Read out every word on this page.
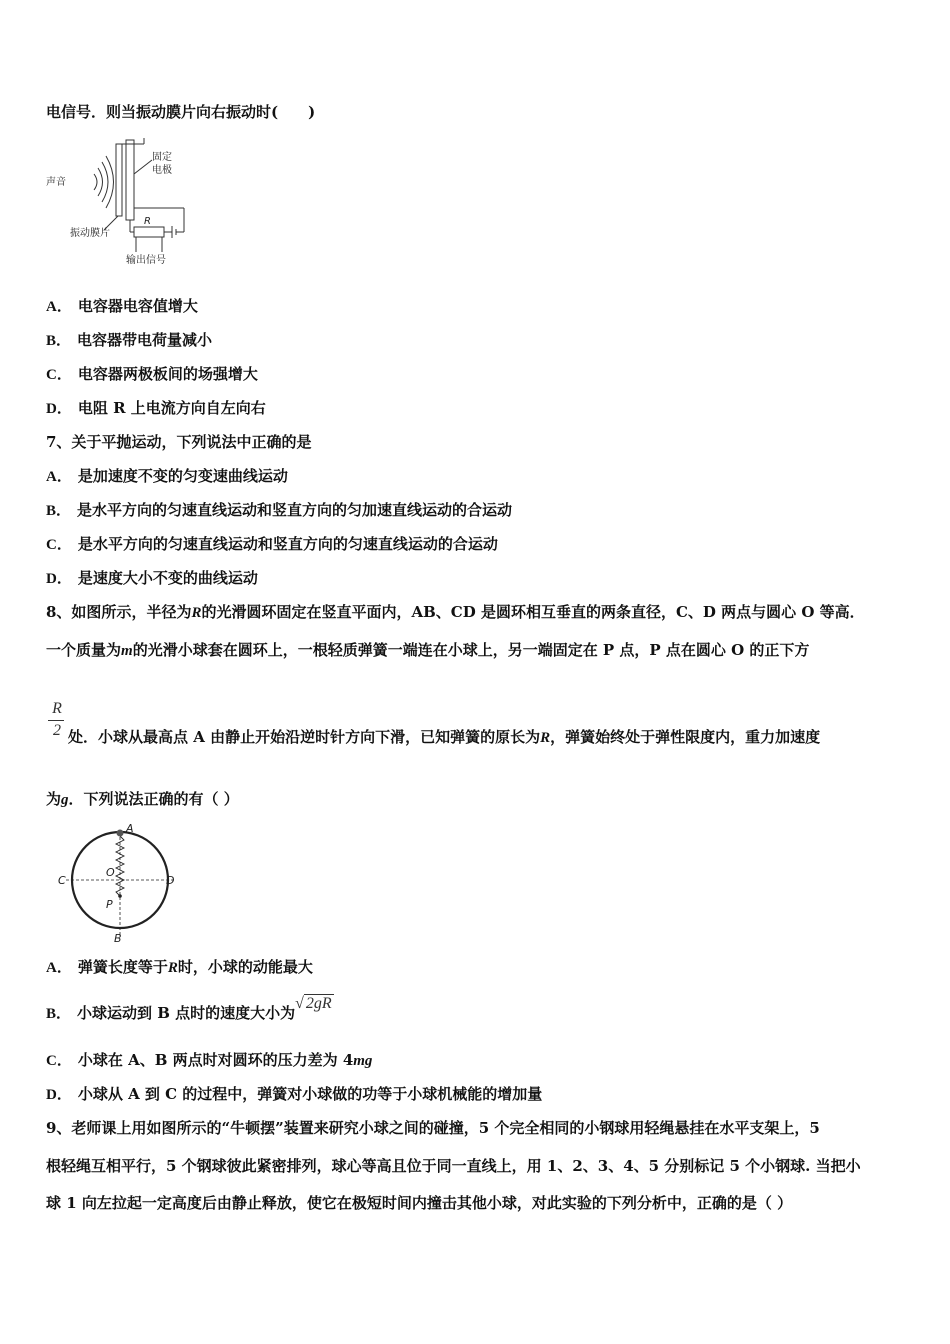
电信号．则当振动膜片向右振动时(　　)
固定
电极
声音
振动膜片
R
输出信号
A． 电容器电容值增大
B． 电容器带电荷量减小
C． 电容器两极板间的场强增大
D． 电阻 R 上电流方向自左向右
7、关于平抛运动，下列说法中正确的是
A． 是加速度不变的匀变速曲线运动
B． 是水平方向的匀速直线运动和竖直方向的匀加速直线运动的合运动
C． 是水平方向的匀速直线运动和竖直方向的匀速直线运动的合运动
D． 是速度大小不变的曲线运动
8、如图所示，半径为R的光滑圆环固定在竖直平面内，AB、CD 是圆环相互垂直的两条直径，C、D 两点与圆心 O 等高．
一个质量为m的光滑小球套在圆环上，一根轻质弹簧一端连在小球上，另一端固定在 P 点，P 点在圆心 O 的正下方
R
2 处．小球从最高点 A 由静止开始沿逆时针方向下滑，已知弹簧的原长为R，弹簧始终处于弹性限度内，重力加速度
为g．下列说法正确的有（ ）
A
C	D
O
P
B
A． 弹簧长度等于R时，小球的动能最大
B． 小球运动到 B 点时的速度大小为√ 2gR
C． 小球在 A、B 两点时对圆环的压力差为 4mg
D． 小球从 A 到 C 的过程中，弹簧对小球做的功等于小球机械能的增加量
9、老师课上用如图所示的“牛顿摆”装置来研究小球之间的碰撞，5 个完全相同的小钢球用轻绳悬挂在水平支架上，5
根轻绳互相平行，5 个钢球彼此紧密排列，球心等高且位于同一直线上，用 1、2、3、4、5 分别标记 5 个小钢球. 当把小
球 1 向左拉起一定高度后由静止释放，使它在极短时间内撞击其他小球，对此实验的下列分析中，正确的是（ ）
